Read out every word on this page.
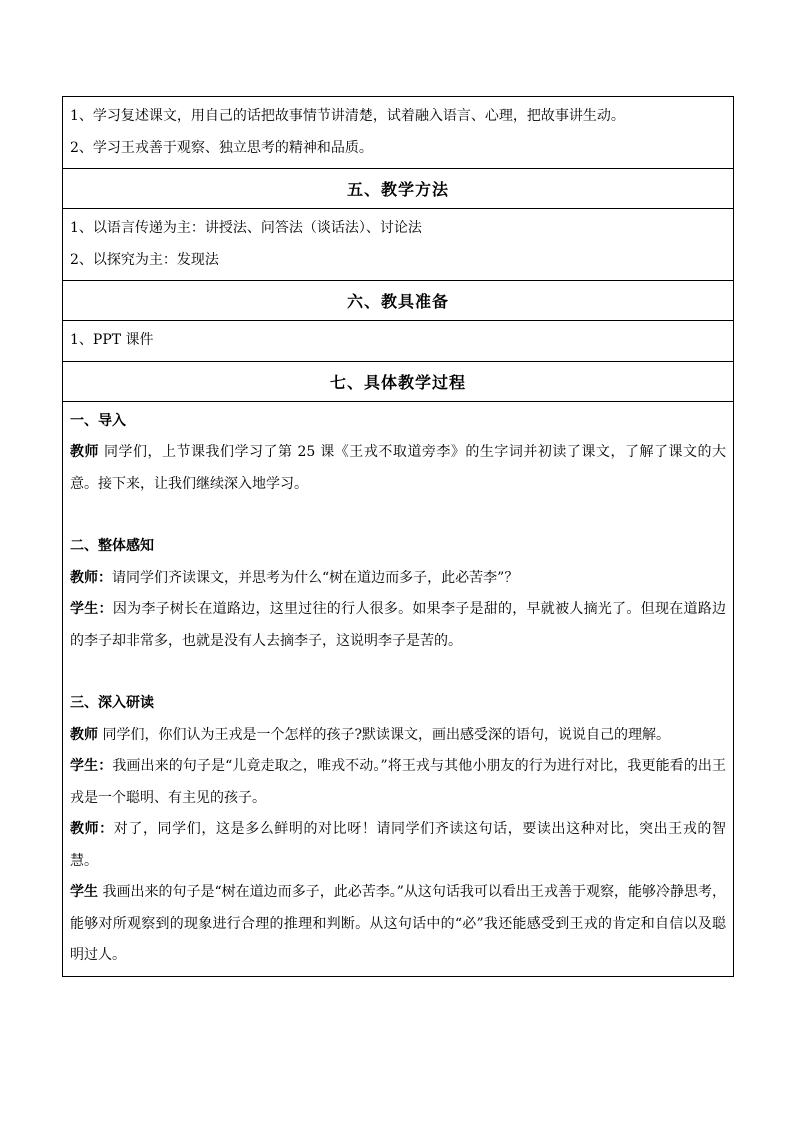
1、学习复述课文，用自己的话把故事情节讲清楚，试着融入语言、心理，把故事讲生动。
2、学习王戎善于观察、独立思考的精神和品质。
五、教学方法
1、以语言传递为主：讲授法、问答法（谈话法）、讨论法
2、以探究为主：发现法
六、教具准备
1、PPT 课件
七、具体教学过程
一、导入
教师 同学们，上节课我们学习了第 25 课《王戎不取道旁李》的生字词并初读了课文，了解了课文的大意。接下来，让我们继续深入地学习。
二、整体感知
教师：请同学们齐读课文，并思考为什么“树在道边而多子，此必苦李”？
学生：因为李子树长在道路边，这里过往的行人很多。如果李子是甜的，早就被人摘光了。但现在道路边的李子却非常多，也就是没有人去摘李子，这说明李子是苦的。
三、深入研读
教师 同学们，你们认为王戎是一个怎样的孩子?默读课文，画出感受深的语句，说说自己的理解。
学生：我画出来的句子是“儿竟走取之，唯戎不动。”将王戎与其他小朋友的行为进行对比，我更能看的出王戎是一个聪明、有主见的孩子。
教师：对了，同学们，这是多么鲜明的对比呀！请同学们齐读这句话，要读出这种对比，突出王戎的智慧。
学生 我画出来的句子是“树在道边而多子，此必苦李。”从这句话我可以看出王戎善于观察，能够冷静思考，能够对所观察到的现象进行合理的推理和判断。从这句话中的“必”我还能感受到王戎的肯定和自信以及聪明过人。
